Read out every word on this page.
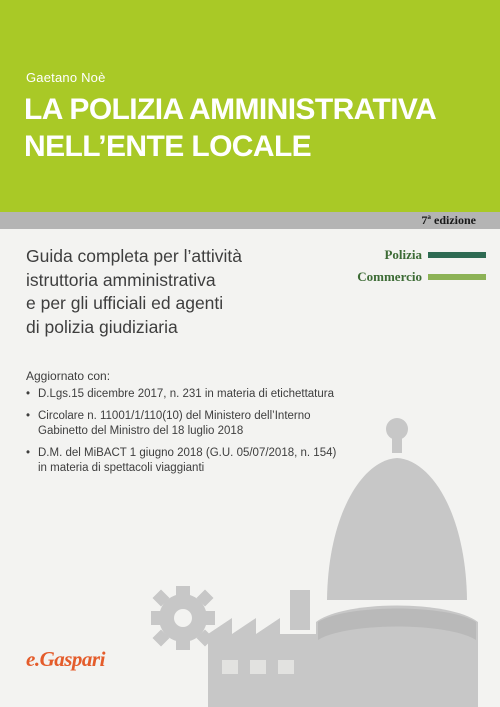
Gaetano Noè
LA POLIZIA AMMINISTRATIVA
NELL’ENTE LOCALE
7ª edizione
Guida completa per l’attività
istruttoria amministrativa
e per gli ufficiali ed agenti
di polizia giudiziaria
Polizia
Commercio
Aggiornato con:
• D.Lgs.15 dicembre 2017, n. 231 in materia di etichettatura
• Circolare n. 11001/1/110(10) del Ministero dell’Interno
Gabinetto del Ministro del 18 luglio 2018
• D.M. del MiBACT 1 giugno 2018 (G.U. 05/07/2018, n. 154)
in materia di spettacoli viaggianti
e.Gaspari
